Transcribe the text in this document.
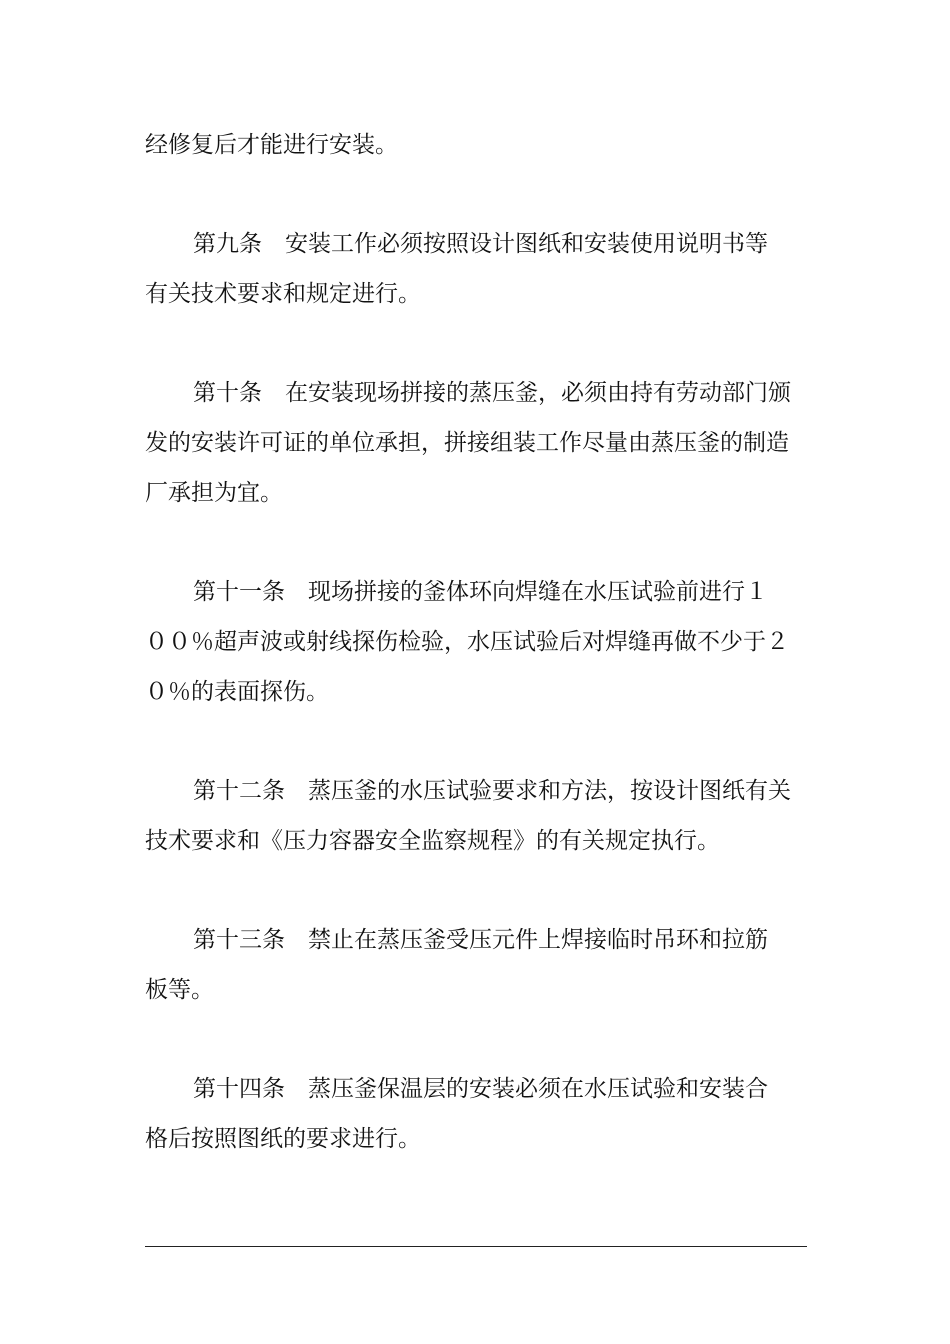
经修复后才能进行安装。
第九条　安装工作必须按照设计图纸和安装使用说明书等
有关技术要求和规定进行。
第十条　在安装现场拼接的蒸压釜，必须由持有劳动部门颁
发的安装许可证的单位承担，拼接组装工作尽量由蒸压釜的制造
厂承担为宜。
第十一条　现场拼接的釜体环向焊缝在水压试验前进行１
００％超声波或射线探伤检验，水压试验后对焊缝再做不少于２
０％的表面探伤。
第十二条　蒸压釜的水压试验要求和方法，按设计图纸有关
技术要求和《压力容器安全监察规程》的有关规定执行。
第十三条　禁止在蒸压釜受压元件上焊接临时吊环和拉筋
板等。
第十四条　蒸压釜保温层的安装必须在水压试验和安装合
格后按照图纸的要求进行。
